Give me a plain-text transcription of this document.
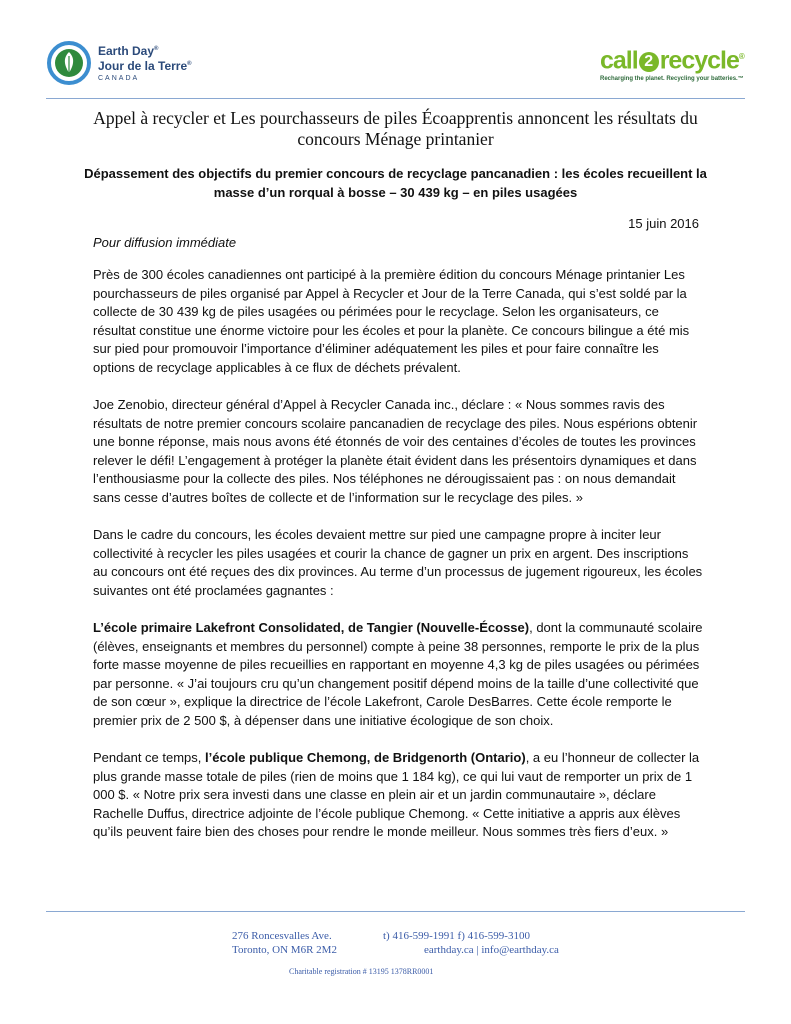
Earth Day®
Jour de la Terre®
CANADA
call 2 recycle®
Recharging the planet. Recycling your batteries.™
Appel à recycler et Les pourchasseurs de piles Écoapprentis annoncent les résultats du concours Ménage printanier
Dépassement des objectifs du premier concours de recyclage pancanadien : les écoles recueillent la masse d’un rorqual à bosse – 30 439 kg – en piles usagées
15 juin 2016
Pour diffusion immédiate

Près de 300 écoles canadiennes ont participé à la première édition du concours Ménage printanier Les pourchasseurs de piles organisé par Appel à Recycler et Jour de la Terre Canada, qui s’est soldé par la collecte de 30 439 kg de piles usagées ou périmées pour le recyclage. Selon les organisateurs, ce résultat constitue une énorme victoire pour les écoles et pour la planète. Ce concours bilingue a été mis sur pied pour promouvoir l’importance d’éliminer adéquatement les piles et pour faire connaître les options de recyclage applicables à ce flux de déchets prévalent.

Joe Zenobio, directeur général d’Appel à Recycler Canada inc., déclare : « Nous sommes ravis des résultats de notre premier concours scolaire pancanadien de recyclage des piles. Nous espérions obtenir une bonne réponse, mais nous avons été étonnés de voir des centaines d’écoles de toutes les provinces relever le défi! L’engagement à protéger la planète était évident dans les présentoirs dynamiques et dans l’enthousiasme pour la collecte des piles. Nos téléphones ne dérougissaient pas : on nous demandait sans cesse d’autres boîtes de collecte et de l’information sur le recyclage des piles. »

Dans le cadre du concours, les écoles devaient mettre sur pied une campagne propre à inciter leur collectivité à recycler les piles usagées et courir la chance de gagner un prix en argent. Des inscriptions au concours ont été reçues des dix provinces. Au terme d’un processus de jugement rigoureux, les écoles suivantes ont été proclamées gagnantes :

L’école primaire Lakefront Consolidated, de Tangier (Nouvelle-Écosse), dont la communauté scolaire (élèves, enseignants et membres du personnel) compte à peine 38 personnes, remporte le prix de la plus forte masse moyenne de piles recueillies en rapportant en moyenne 4,3 kg de piles usagées ou périmées par personne. « J’ai toujours cru qu’un changement positif dépend moins de la taille d’une collectivité que de son cœur », explique la directrice de l’école Lakefront, Carole DesBarres. Cette école remporte le premier prix de 2 500 $, à dépenser dans une initiative écologique de son choix.

Pendant ce temps, l’école publique Chemong, de Bridgenorth (Ontario), a eu l’honneur de collecter la plus grande masse totale de piles (rien de moins que 1 184 kg), ce qui lui vaut de remporter un prix de 1 000 $. « Notre prix sera investi dans une classe en plein air et un jardin communautaire », déclare Rachelle Duffus, directrice adjointe de l’école publique Chemong. « Cette initiative a appris aux élèves qu’ils peuvent faire bien des choses pour rendre le monde meilleur. Nous sommes très fiers d’eux. »

276 Roncesvalles Ave.
Toronto, ON M6R 2M2
t) 416-599-1991 f) 416-599-3100
earthday.ca | info@earthday.ca
Charitable registration # 13195 1378RR0001
